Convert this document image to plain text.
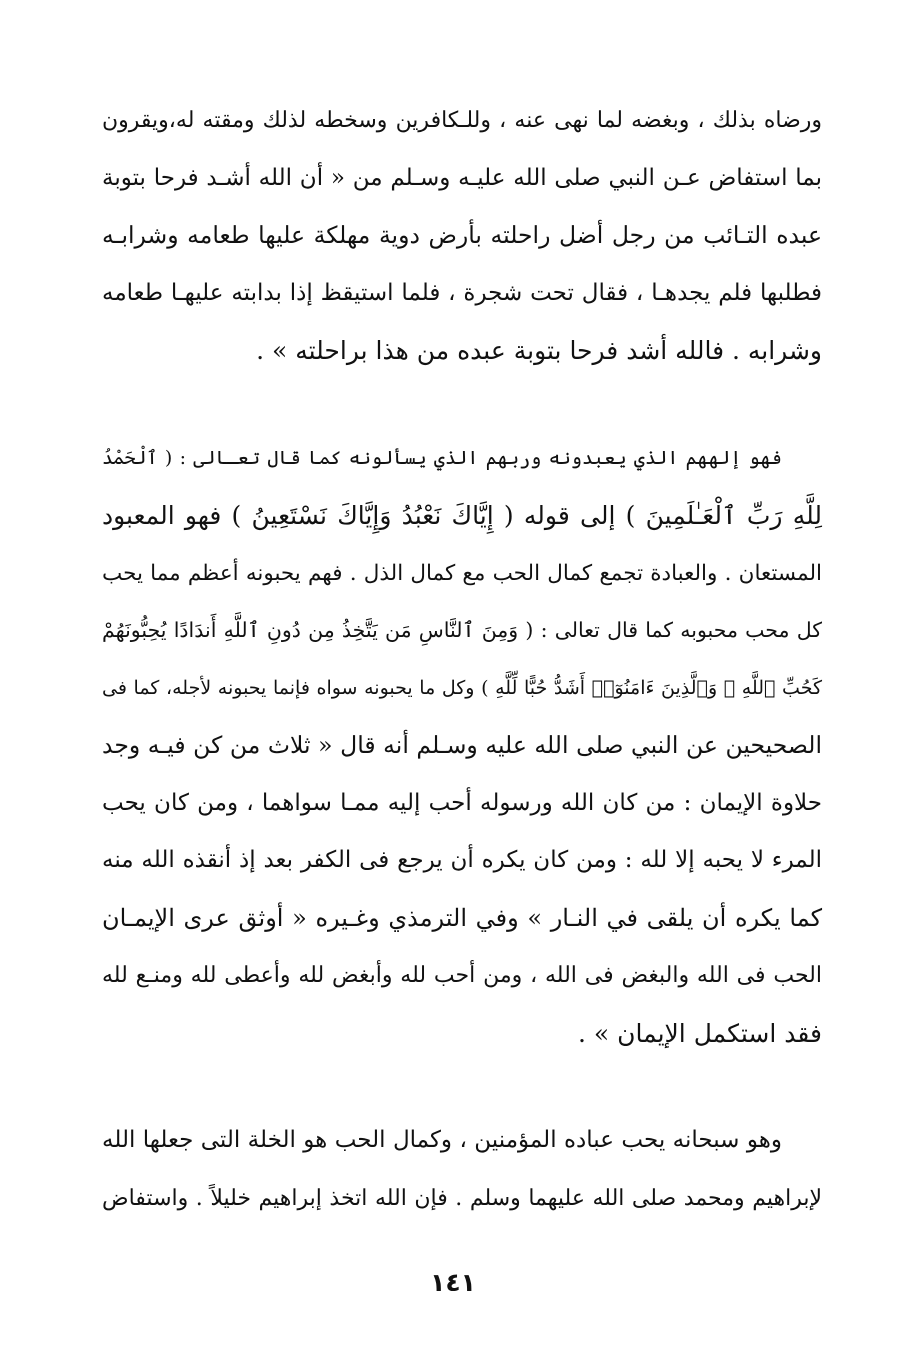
ورضاه بذلك ، وبغضه لما نهى عنه ، وللـكافرين وسخطه لذلك ومقته له،ويقرون
بما استفاض عـن النبي صلى الله عليـه وسـلم من « أن الله أشـد فرحا بتوبة
عبده التـائب من رجل أضل راحلته بأرض دوية مهلكة عليها طعامه وشرابـه
فطلبها فلم يجدهـا ، فقال تحت شجرة ، فلما استيقظ إذا بدابته عليهـا طعامه
وشرابه . فالله أشد فرحا بتوبة عبده من هذا براحلته » .

فهو إلههم الذي يعبدونه وربهم الذي يسألونه كما قال تعـالى : ( ٱلْحَمْدُ
لِلَّهِ رَبِّ ٱلْعَـٰلَمِينَ ) إلى قوله ( إِيَّاكَ نَعْبُدُ وَإِيَّاكَ نَسْتَعِينُ ) فهو المعبود
المستعان . والعبادة تجمع كمال الحب مع كمال الذل . فهم يحبونه أعظم مما يحب
كل محب محبوبه كما قال تعالى : ( وَمِنَ ٱلنَّاسِ مَن يَتَّخِذُ مِن دُونِ ٱللَّهِ أَندَادًا يُحِبُّونَهُمْ
كَحُبِّ ٱللَّهِ ۖ وَٱلَّذِينَ ءَامَنُوٓا۟ أَشَدُّ حُبًّا لِّلَّهِ ) وكل ما يحبونه سواه فإنما يحبونه لأجله، كما فى
الصحيحين عن النبي صلى الله عليه وسـلم أنه قال « ثلاث من كن فيـه وجد
حلاوة الإيمان : من كان الله ورسوله أحب إليه ممـا سواهما ، ومن كان يحب
المرء لا يحبه إلا لله : ومن كان يكره أن يرجع فى الكفر بعد إذ أنقذه الله منه
كما يكره أن يلقى في النـار » وفي الترمذي وغـيره « أوثق عرى الإيمـان
الحب فى الله والبغض فى الله ، ومن أحب لله وأبغض لله وأعطى لله ومنـع لله
فقد استكمل الإيمان » .

وهو سبحانه يحب عباده المؤمنين ، وكمال الحب هو الخلة التى جعلها الله
لإبراهيم ومحمد صلى الله عليهما وسلم . فإن الله اتخذ إبراهيم خليلاً . واستفاض

١٤١
